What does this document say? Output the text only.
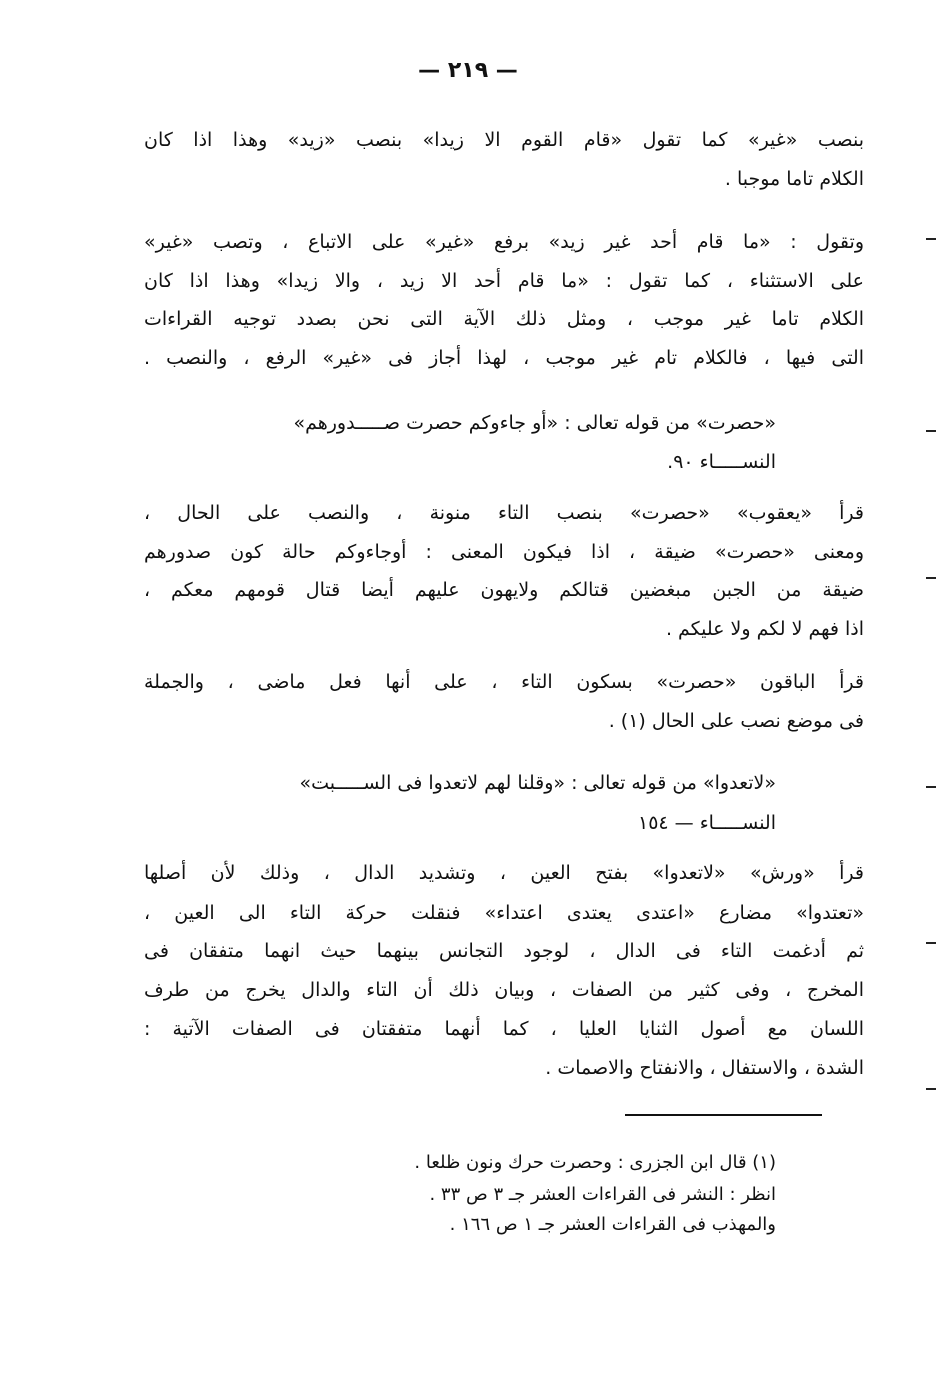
— ٢١٩ —
بنصب «غير» كما تقول «قام القوم الا زيدا» بنصب «زيد» وهذا اذا كان
الكلام تاما موجبا .
وتقول : «ما قام أحد غير زيد» برفع «غير» على الاتباع ، وتصب «غير»
على الاستثناء ، كما تقول : «ما قام أحد الا زيد ، والا زيدا» وهذا اذا كان
الكلام تاما غير موجب ، ومثل ذلك الآية التى نحن بصدد توجيه القراءات
التى فيها ، فالكلام تام غير موجب ، لهذا أجاز فى «غير» الرفع ، والنصب .
«حصرت» من قوله تعالى : «أو جاءوكم حصرت صـــــدورهم»
النســـــاء ٩٠.
قرأ «يعقوب» «حصرت» بنصب التاء منونة ، والنصب على الحال ،
ومعنى «حصرت» ضيقة ، اذا فيكون المعنى : أوجاءوكم حالة كون صدورهم
ضيقة من الجبن مبغضين قتالكم ولايهون عليهم أيضا قتال قومهم معكم ،
اذا فهم لا لكم ولا عليكم .
قرأ الباقون «حصرت» بسكون التاء ، على أنها فعل ماضى ، والجملة
فى موضع نصب على الحال (١) .
«لاتعدوا» من قوله تعالى : «وقلنا لهم لاتعدوا فى الســـــبت»
النســـــاء — ١٥٤
قرأ «ورش» «لاتعدوا» بفتح العين ، وتشديد الدال ، وذلك لأن أصلها
«تعتدوا» مضارع «اعتدى يعتدى اعتداء» فنقلت حركة التاء الى العين ،
ثم أدغمت التاء فى الدال ، لوجود التجانس بينهما حيث انهما متفقان فى
المخرج ، وفى كثير من الصفات ، وبيان ذلك أن التاء والدال يخرج من طرف
اللسان مع أصول الثنايا العليا ، كما أنهما متفقتان فى الصفات الآتية :
الشدة ، والاستفال ، والانفتاح والاصمات .
(١) قال ابن الجزرى : وحصرت حرك ونون ظلعا .
انظر : النشر فى القراءات العشر جـ ٣ ص ٣٣ .
والمهذب فى القراءات العشر جـ ١ ص ١٦٦ .
